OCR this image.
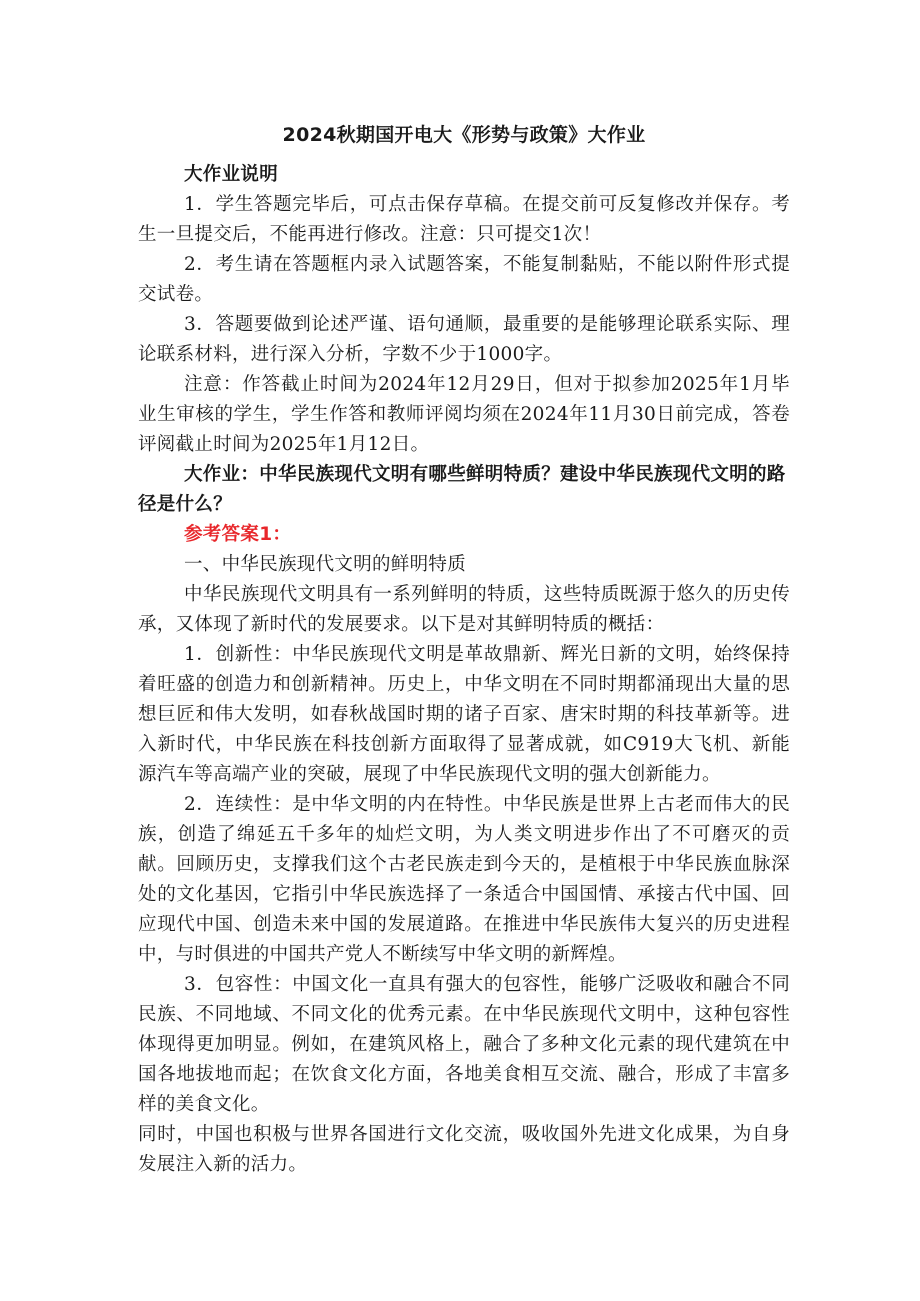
2024秋期国开电大《形势与政策》大作业
大作业说明

1．学生答题完毕后，可点击保存草稿。在提交前可反复修改并保存。考生一旦提交后，不能再进行修改。注意：只可提交1次！

2．考生请在答题框内录入试题答案，不能复制黏贴，不能以附件形式提交试卷。

3．答题要做到论述严谨、语句通顺，最重要的是能够理论联系实际、理论联系材料，进行深入分析，字数不少于1000字。

注意：作答截止时间为2024年12月29日，但对于拟参加2025年1月毕业生审核的学生，学生作答和教师评阅均须在2024年11月30日前完成，答卷评阅截止时间为2025年1月12日。

大作业：中华民族现代文明有哪些鲜明特质？建设中华民族现代文明的路径是什么？
参考答案1：

一、中华民族现代文明的鲜明特质

中华民族现代文明具有一系列鲜明的特质，这些特质既源于悠久的历史传承，又体现了新时代的发展要求。以下是对其鲜明特质的概括：

1．创新性：中华民族现代文明是革故鼎新、辉光日新的文明，始终保持着旺盛的创造力和创新精神。历史上，中华文明在不同时期都涌现出大量的思想巨匠和伟大发明，如春秋战国时期的诸子百家、唐宋时期的科技革新等。进入新时代，中华民族在科技创新方面取得了显著成就，如C919大飞机、新能源汽车等高端产业的突破，展现了中华民族现代文明的强大创新能力。

2．连续性：是中华文明的内在特性。中华民族是世界上古老而伟大的民族，创造了绵延五千多年的灿烂文明，为人类文明进步作出了不可磨灭的贡献。回顾历史，支撑我们这个古老民族走到今天的，是植根于中华民族血脉深处的文化基因，它指引中华民族选择了一条适合中国国情、承接古代中国、回应现代中国、创造未来中国的发展道路。在推进中华民族伟大复兴的历史进程中，与时俱进的中国共产党人不断续写中华文明的新辉煌。

3．包容性：中国文化一直具有强大的包容性，能够广泛吸收和融合不同民族、不同地域、不同文化的优秀元素。在中华民族现代文明中，这种包容性体现得更加明显。例如，在建筑风格上，融合了多种文化元素的现代建筑在中国各地拔地而起；在饮食文化方面，各地美食相互交流、融合，形成了丰富多样的美食文化。

同时，中国也积极与世界各国进行文化交流，吸收国外先进文化成果，为自身发展注入新的活力。
